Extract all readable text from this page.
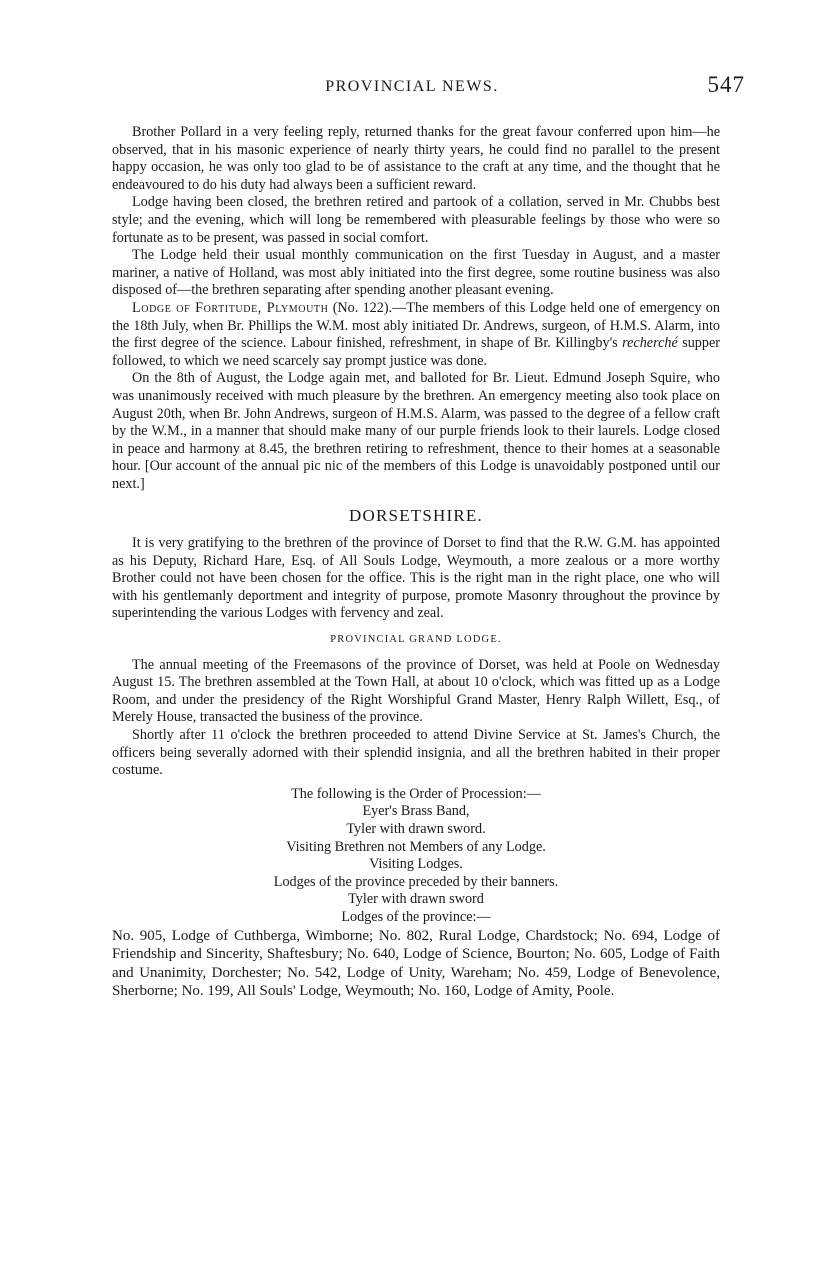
PROVINCIAL NEWS.	547

Brother Pollard in a very feeling reply, returned thanks for the great favour conferred upon him—he observed, that in his masonic experience of nearly thirty years, he could find no parallel to the present happy occasion, he was only too glad to be of assistance to the craft at any time, and the thought that he endeavoured to do his duty had always been a sufficient reward.

Lodge having been closed, the brethren retired and partook of a collation, served in Mr. Chubbs best style; and the evening, which will long be remembered with pleasurable feelings by those who were so fortunate as to be present, was passed in social comfort.

The Lodge held their usual monthly communication on the first Tuesday in August, and a master mariner, a native of Holland, was most ably initiated into the first degree, some routine business was also disposed of—the brethren separating after spending another pleasant evening.

Lodge of Fortitude, Plymouth (No. 122).—The members of this Lodge held one of emergency on the 18th July, when Br. Phillips the W.M. most ably initiated Dr. Andrews, surgeon, of H.M.S. Alarm, into the first degree of the science. Labour finished, refreshment, in shape of Br. Killingby's recherché supper followed, to which we need scarcely say prompt justice was done.

On the 8th of August, the Lodge again met, and balloted for Br. Lieut. Edmund Joseph Squire, who was unanimously received with much pleasure by the brethren. An emergency meeting also took place on August 20th, when Br. John Andrews, surgeon of H.M.S. Alarm, was passed to the degree of a fellow craft by the W.M., in a manner that should make many of our purple friends look to their laurels. Lodge closed in peace and harmony at 8.45, the brethren retiring to refreshment, thence to their homes at a seasonable hour. [Our account of the annual pic nic of the members of this Lodge is unavoidably postponed until our next.]

DORSETSHIRE.

It is very gratifying to the brethren of the province of Dorset to find that the R.W. G.M. has appointed as his Deputy, Richard Hare, Esq. of All Souls Lodge, Weymouth, a more zealous or a more worthy Brother could not have been chosen for the office. This is the right man in the right place, one who will with his gentlemanly deportment and integrity of purpose, promote Masonry throughout the province by superintending the various Lodges with fervency and zeal.

PROVINCIAL GRAND LODGE.

The annual meeting of the Freemasons of the province of Dorset, was held at Poole on Wednesday August 15. The brethren assembled at the Town Hall, at about 10 o'clock, which was fitted up as a Lodge Room, and under the presidency of the Right Worshipful Grand Master, Henry Ralph Willett, Esq., of Merely House, transacted the business of the province.

Shortly after 11 o'clock the brethren proceeded to attend Divine Service at St. James's Church, the officers being severally adorned with their splendid insignia, and all the brethren habited in their proper costume.

The following is the Order of Procession:—
Eyer's Brass Band,
Tyler with drawn sword.
Visiting Brethren not Members of any Lodge.
Visiting Lodges.
Lodges of the province preceded by their banners.
Tyler with drawn sword
Lodges of the province:—

No. 905, Lodge of Cuthberga, Wimborne; No. 802, Rural Lodge, Chardstock; No. 694, Lodge of Friendship and Sincerity, Shaftesbury; No. 640, Lodge of Science, Bourton; No. 605, Lodge of Faith and Unanimity, Dorchester; No. 542, Lodge of Unity, Wareham; No. 459, Lodge of Benevolence, Sherborne; No. 199, All Souls' Lodge, Weymouth; No. 160, Lodge of Amity, Poole.
